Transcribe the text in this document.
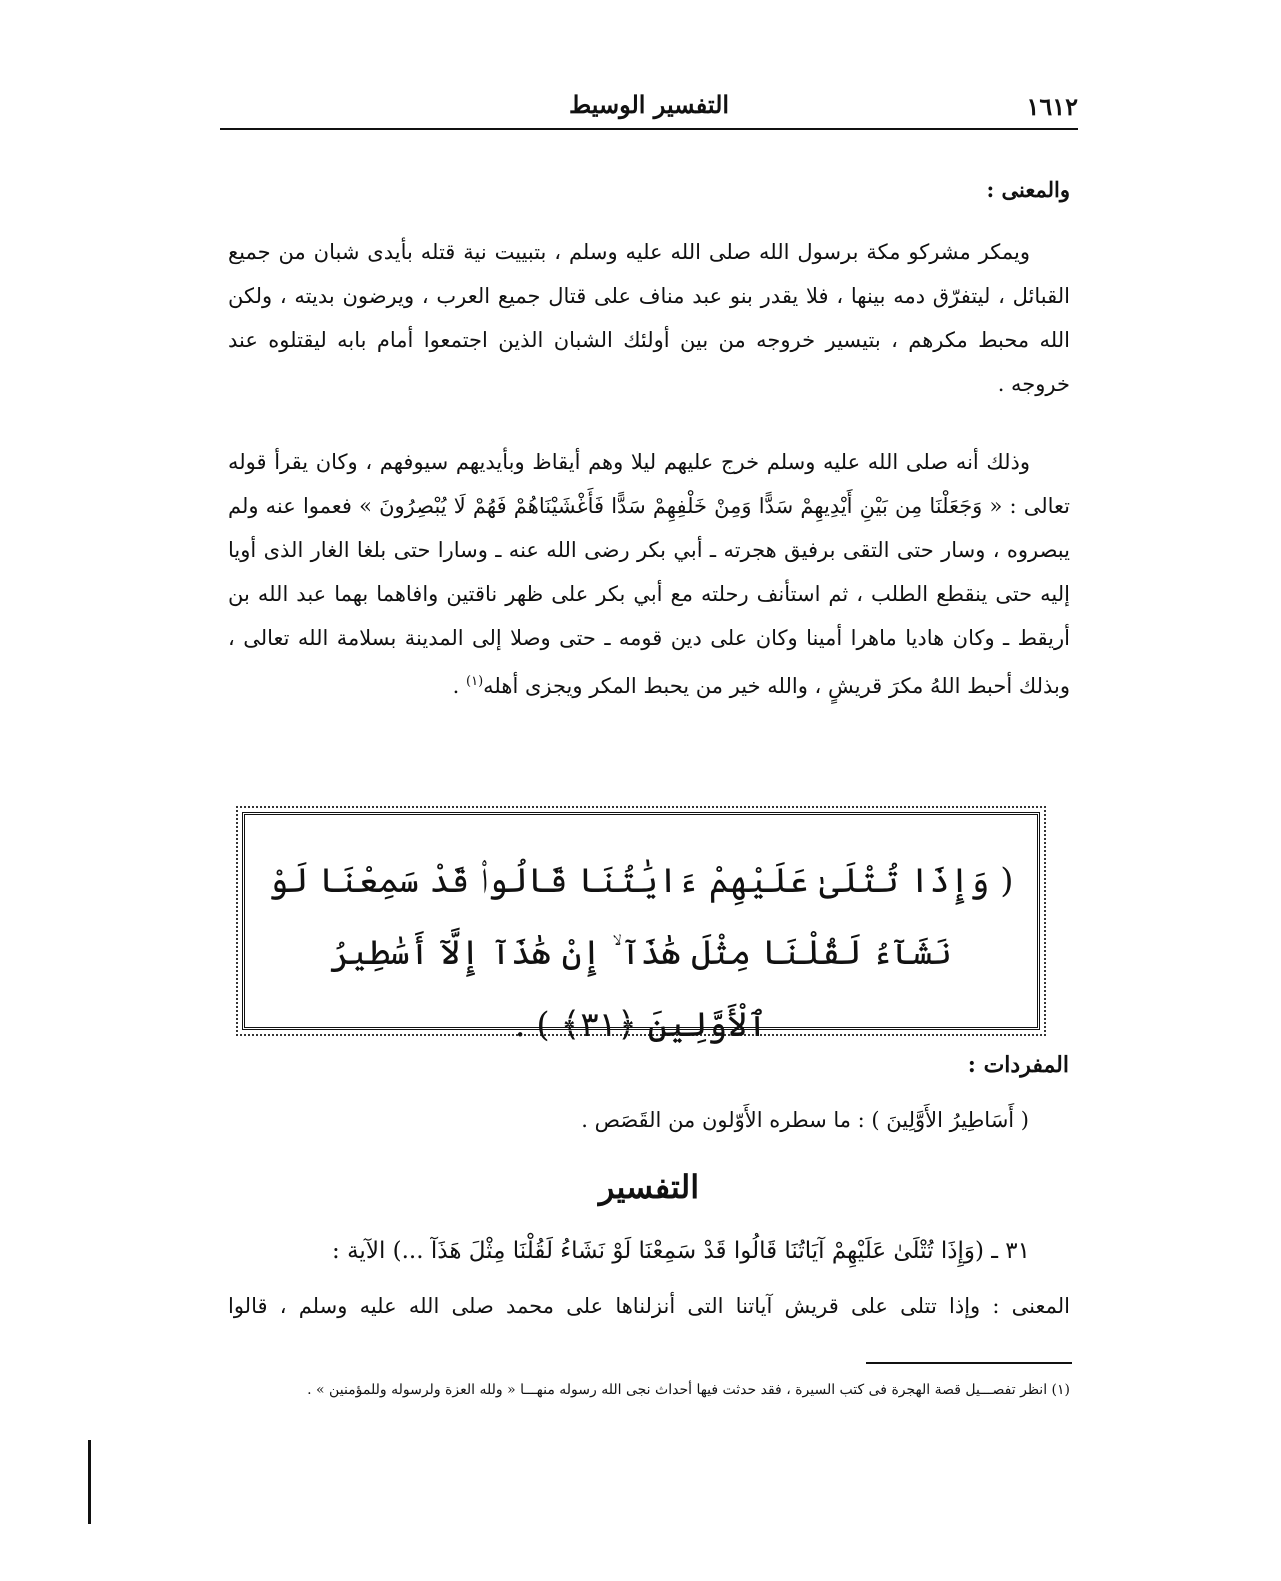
١٦١٢
التفسير الوسيط
والمعنى :

ويمكر مشركو مكة برسول الله صلى الله عليه وسلم ، بتبييت نية قتله بأيدى شبان من جميع القبائل ، ليتفرّق دمه بينها ، فلا يقدر بنو عبد مناف على قتال جميع العرب ، ويرضون بديته ، ولكن الله محبط مكرهم ، بتيسير خروجه من بين أولئك الشبان الذين اجتمعوا أمام بابه ليقتلوه عند خروجه .

وذلك أنه صلى الله عليه وسلم خرج عليهم ليلا وهم أيقاظ وبأيديهم سيوفهم ، وكان يقرأ قوله تعالى : « وَجَعَلْنَا مِن بَيْنِ أَيْدِيهِمْ سَدًّا وَمِنْ خَلْفِهِمْ سَدًّا فَأَغْشَيْنَاهُمْ فَهُمْ لَا يُبْصِرُونَ » فعموا عنه ولم يبصروه ، وسار حتى التقى برفيق هجرته ـ أبي بكر رضى الله عنه ـ وسارا حتى بلغا الغار الذى أويا إليه حتى ينقطع الطلب ، ثم استأنف رحلته مع أبي بكر على ظهر ناقتين وافاهما بهما عبد الله بن أريقط ـ وكان هاديا ماهرا أمينا وكان على دين قومه ـ حتى وصلا إلى المدينة بسلامة الله تعالى ، وبذلك أحبط اللهُ مكرَ قريشٍ ، والله خير من يحبط المكر ويجزى أهله$^{(١)}$ .

( وَإِذَا تُتْلَىٰ عَلَيْهِمْ ءَايَٰتُنَا قَالُوا۟ قَدْ سَمِعْنَا لَوْ نَشَآءُ لَقُلْنَا مِثْلَ هَٰذَآ ۙ إِنْ هَٰذَآ إِلَّآ أَسَٰطِيرُ ٱلْأَوَّلِينَ ﴿٣١﴾ ) .
المفردات :
( أَسَاطِيرُ الأَوَّلِينَ ) : ما سطره الأَوّلون من القَصَص .
التفسير
٣١ ـ (وَإِذَا تُتْلَىٰ عَلَيْهِمْ آيَاتُنَا قَالُوا قَدْ سَمِعْنَا لَوْ نَشَاءُ لَقُلْنَا مِثْلَ هَذَآ ...) الآية :
المعنى : وإذا تتلى على قريش آياتنا التى أنزلناها على محمد صلى الله عليه وسلم ، قالوا
(١) انظر تفصـــيل قصة الهجرة فى كتب السيرة ، فقد حدثت فيها أحداث نجى الله رسوله منهـــا « ولله العزة ولرسوله وللمؤمنين » .
